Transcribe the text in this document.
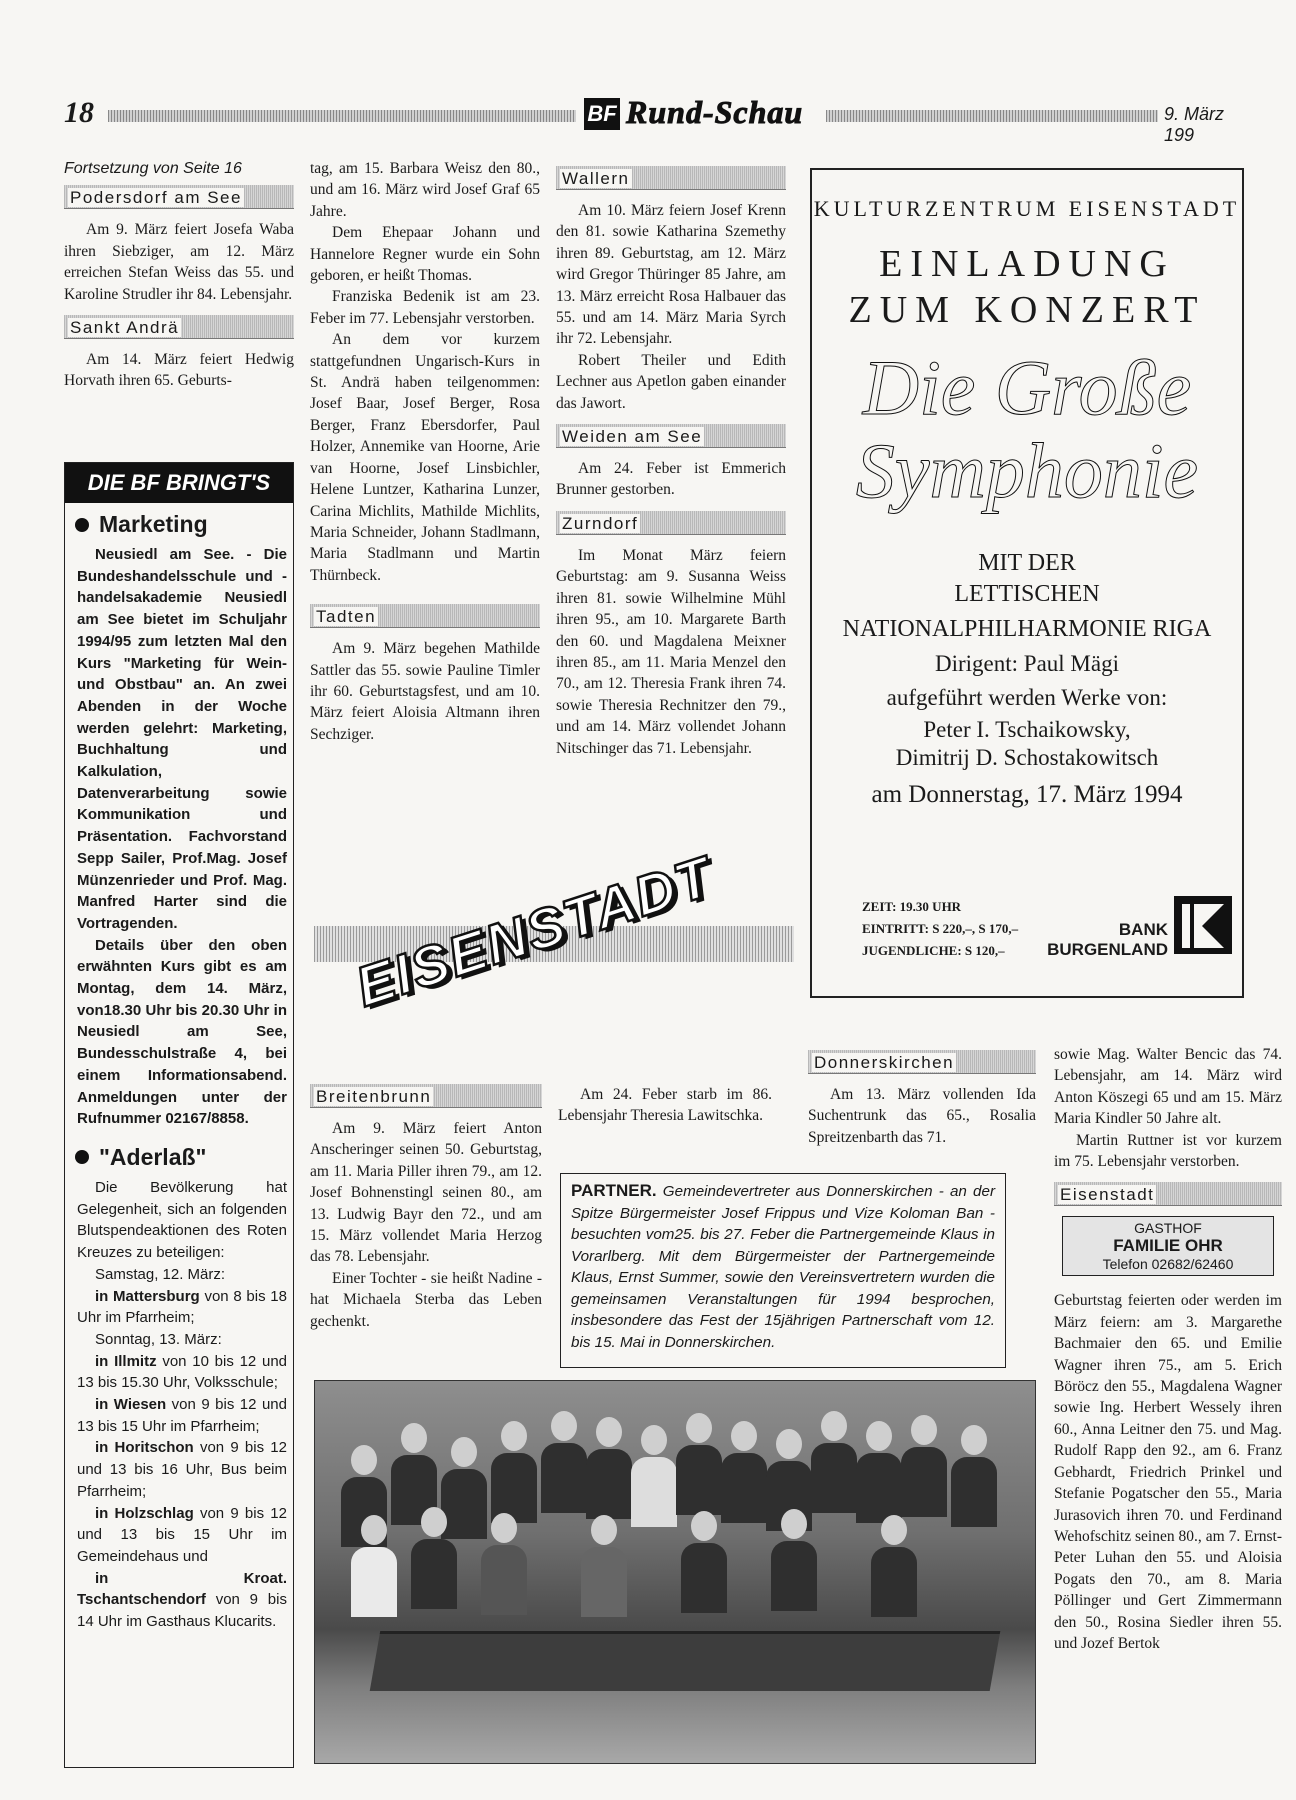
18	BF Rund-Schau	9. März 199
Fortsetzung von Seite 16
Podersdorf am See

Am 9. März feiert Josefa Waba ihren Siebziger, am 12. März erreichen Stefan Weiss das 55. und Karoline Strudler ihr 84. Lebensjahr.

Sankt Andrä

Am 14. März feiert Hedwig Horvath ihren 65. Geburts-

DIE BF BRINGT'S
Marketing

Neusiedl am See. - Die Bundeshandelsschule und -handelsakademie Neusiedl am See bietet im Schuljahr 1994/95 zum letzten Mal den Kurs "Marketing für Wein- und Obstbau" an. An zwei Abenden in der Woche werden gelehrt: Marketing, Buchhaltung und Kalkulation, Datenverarbeitung sowie Kommunikation und Präsentation. Fachvorstand Sepp Sailer, Prof.Mag. Josef Münzenrieder und Prof. Mag. Manfred Harter sind die Vortragenden.

Details über den oben erwähnten Kurs gibt es am Montag, dem 14. März, von18.30 Uhr bis 20.30 Uhr in Neusiedl am See, Bundesschulstraße 4, bei einem Informationsabend. Anmeldungen unter der Rufnummer 02167/8858.

"Aderlaß"

Die Bevölkerung hat Gelegenheit, sich an folgenden Blutspendeaktionen des Roten Kreuzes zu beteiligen:

Samstag, 12. März:

in Mattersburg von 8 bis 18 Uhr im Pfarrheim;

Sonntag, 13. März:

in Illmitz von 10 bis 12 und 13 bis 15.30 Uhr, Volksschule;

in Wiesen von 9 bis 12 und 13 bis 15 Uhr im Pfarrheim;

in Horitschon von 9 bis 12 und 13 bis 16 Uhr, Bus beim Pfarrheim;

in Holzschlag von 9 bis 12 und 13 bis 15 Uhr im Gemeindehaus und

in Kroat. Tschantschendorf von 9 bis 14 Uhr im Gasthaus Klucarits.

tag, am 15. Barbara Weisz den 80., und am 16. März wird Josef Graf 65 Jahre.

Dem Ehepaar Johann und Hannelore Regner wurde ein Sohn geboren, er heißt Thomas.

Franziska Bedenik ist am 23. Feber im 77. Lebensjahr verstorben.

An dem vor kurzem stattgefundnen Ungarisch-Kurs in St. Andrä haben teilgenommen: Josef Baar, Josef Berger, Rosa Berger, Franz Ebersdorfer, Paul Holzer, Annemike van Hoorne, Arie van Hoorne, Josef Linsbichler, Helene Luntzer, Katharina Lunzer, Carina Michlits, Mathilde Michlits, Maria Schneider, Johann Stadlmann, Maria Stadlmann und Martin Thürnbeck.

Tadten

Am 9. März begehen Mathilde Sattler das 55. sowie Pauline Timler ihr 60. Geburtstagsfest, und am 10. März feiert Aloisia Altmann ihren Sechziger.

Wallern

Am 10. März feiern Josef Krenn den 81. sowie Katharina Szemethy ihren 89. Geburtstag, am 12. März wird Gregor Thüringer 85 Jahre, am 13. März erreicht Rosa Halbauer das 55. und am 14. März Maria Syrch ihr 72. Lebensjahr.

Robert Theiler und Edith Lechner aus Apetlon gaben einander das Jawort.

Weiden am See

Am 24. Feber ist Emmerich Brunner gestorben.

Zurndorf

Im Monat März feiern Geburtstag: am 9. Susanna Weiss ihren 81. sowie Wilhelmine Mühl ihren 95., am 10. Margarete Barth den 60. und Magdalena Meixner ihren 85., am 11. Maria Menzel den 70., am 12. Theresia Frank ihren 74. sowie Theresia Rechnitzer den 79., und am 14. März vollendet Johann Nitschinger das 71. Lebensjahr.

KULTURZENTRUM EISENSTADT
EINLADUNG
ZUM KONZERT
Die Große
Symphonie
MIT DER
LETTISCHEN
NATIONALPHILHARMONIE RIGA
Dirigent: Paul Mägi
aufgeführt werden Werke von:
Peter I. Tschaikowsky,
Dimitrij D. Schostakowitsch
am Donnerstag, 17. März 1994
ZEIT: 19.30 UHR
EINTRITT: S 220,–, S 170,–
JUGENDLICHE: S 120,–
BANK
BURGENLAND
EISENSTADT
Breitenbrunn

Am 9. März feiert Anton Anscheringer seinen 50. Geburtstag, am 11. Maria Piller ihren 79., am 12. Josef Bohnenstingl seinen 80., am 13. Ludwig Bayr den 72., und am 15. März vollendet Maria Herzog das 78. Lebensjahr.

Einer Tochter - sie heißt Nadine - hat Michaela Sterba das Leben gechenkt.

Am 24. Feber starb im 86. Lebensjahr Theresia Lawitschka.

Donnerskirchen

Am 13. März vollenden Ida Suchentrunk das 65., Rosalia Spreitzenbarth das 71.

PARTNER. Gemeindevertreter aus Donnerskirchen - an der Spitze Bürgermeister Josef Frippus und Vize Koloman Ban - besuchten vom25. bis 27. Feber die Partnergemeinde Klaus in Vorarlberg. Mit dem Bürgermeister der Partnergemeinde Klaus, Ernst Summer, sowie den Vereinsvertretern wurden die gemeinsamen Veranstaltungen für 1994 besprochen, insbesondere das Fest der 15jährigen Partnerschaft vom 12. bis 15. Mai in Donnerskirchen.

sowie Mag. Walter Bencic das 74. Lebensjahr, am 14. März wird Anton Köszegi 65 und am 15. März Maria Kindler 50 Jahre alt.

Martin Ruttner ist vor kurzem im 75. Lebensjahr verstorben.

Eisenstadt
GASTHOF
FAMILIE OHR
Telefon 02682/62460

Geburtstag feierten oder werden im März feiern: am 3. Margarethe Bachmaier den 65. und Emilie Wagner ihren 75., am 5. Erich Böröcz den 55., Magdalena Wagner sowie Ing. Herbert Wessely ihren 60., Anna Leitner den 75. und Mag. Rudolf Rapp den 92., am 6. Franz Gebhardt, Friedrich Prinkel und Stefanie Pogatscher den 55., Maria Jurasovich ihren 70. und Ferdinand Wehofschitz seinen 80., am 7. Ernst-Peter Luhan den 55. und Aloisia Pogats den 70., am 8. Maria Pöllinger und Gert Zimmermann den 50., Rosina Siedler ihren 55. und Jozef Bertok
